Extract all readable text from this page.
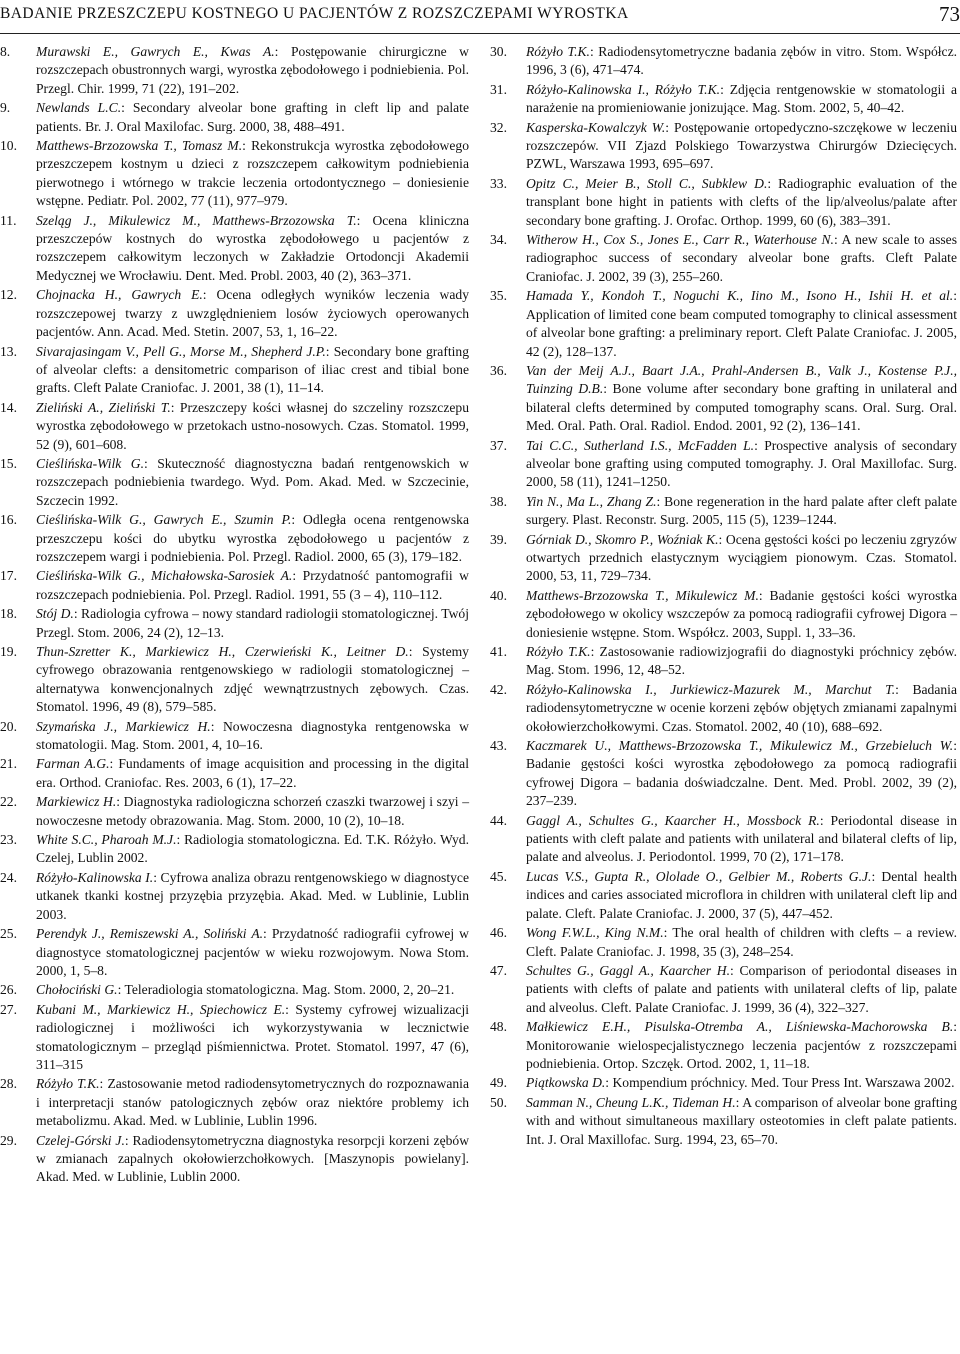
BADANIE PRZESZCZEPU KOSTNEGO U PACJENTÓW Z ROZSZCZEPAMI WYROSTKA	73
8. Murawski E., Gawrych E., Kwas A.: Postępowanie chirurgiczne w rozszczepach obustronnych wargi, wyrostka zębodołowego i podniebienia. Pol. Przegl. Chir. 1999, 71 (22), 191–202.
9. Newlands L.C.: Secondary alveolar bone grafting in cleft lip and palate patients. Br. J. Oral Maxilofac. Surg. 2000, 38, 488–491.
10. Matthews-Brzozowska T., Tomasz M.: Rekonstrukcja wyrostka zębodołowego przeszczepem kostnym u dzieci z rozszczepem całkowitym podniebienia pierwotnego i wtórnego w trakcie leczenia ortodontycznego – doniesienie wstępne. Pediatr. Pol. 2002, 77 (11), 977–979.
11. Szeląg J., Mikulewicz M., Matthews-Brzozowska T.: Ocena kliniczna przeszczepów kostnych do wyrostka zębodołowego u pacjentów z rozszczepem całkowitym leczonych w Zakładzie Ortodoncji Akademii Medycznej we Wrocławiu. Dent. Med. Probl. 2003, 40 (2), 363–371.
12. Chojnacka H., Gawrych E.: Ocena odległych wyników leczenia wady rozszczepowej twarzy z uwzględnieniem losów życiowych operowanych pacjentów. Ann. Acad. Med. Stetin. 2007, 53, 1, 16–22.
13. Sivarajasingam V., Pell G., Morse M., Shepherd J.P.: Secondary bone grafting of alveolar clefts: a densitometric comparison of iliac crest and tibial bone grafts. Cleft Palate Craniofac. J. 2001, 38 (1), 11–14.
14. Zieliński A., Zieliński T.: Przeszczepy kości własnej do szczeliny rozszczepu wyrostka zębodołowego w przetokach ustno-nosowych. Czas. Stomatol. 1999, 52 (9), 601–608.
15. Cieślińska-Wilk G.: Skuteczność diagnostyczna badań rentgenowskich w rozszczepach podniebienia twardego. Wyd. Pom. Akad. Med. w Szczecinie, Szczecin 1992.
16. Cieślińska-Wilk G., Gawrych E., Szumin P.: Odległa ocena rentgenowska przeszczepu kości do ubytku wyrostka zębodołowego u pacjentów z rozszczepem wargi i podniebienia. Pol. Przegl. Radiol. 2000, 65 (3), 179–182.
17. Cieślińska-Wilk G., Michałowska-Sarosiek A.: Przydatność pantomografii w rozszczepach podniebienia. Pol. Przegl. Radiol. 1991, 55 (3 – 4), 110–112.
18. Stój D.: Radiologia cyfrowa – nowy standard radiologii stomatologicznej. Twój Przegl. Stom. 2006, 24 (2), 12–13.
19. Thun-Szretter K., Markiewicz H., Czerwieński K., Leitner D.: Systemy cyfrowego obrazowania rentgenowskiego w radiologii stomatologicznej – alternatywa konwencjonalnych zdjęć wewnątrzustnych zębowych. Czas. Stomatol. 1996, 49 (8), 579–585.
20. Szymańska J., Markiewicz H.: Nowoczesna diagnostyka rentgenowska w stomatologii. Mag. Stom. 2001, 4, 10–16.
21. Farman A.G.: Fundaments of image acquisition and processing in the digital era. Orthod. Craniofac. Res. 2003, 6 (1), 17–22.
22. Markiewicz H.: Diagnostyka radiologiczna schorzeń czaszki twarzowej i szyi – nowoczesne metody obrazowania. Mag. Stom. 2000, 10 (2), 10–18.
23. White S.C., Pharoah M.J.: Radiologia stomatologiczna. Ed. T.K. Różyło. Wyd. Czelej, Lublin 2002.
24. Różyło-Kalinowska I.: Cyfrowa analiza obrazu rentgenowskiego w diagnostyce utkanek tkanki kostnej przyzębia przyzębia. Akad. Med. w Lublinie, Lublin 2003.
25. Perendyk J., Remiszewski A., Soliński A.: Przydatność radiografii cyfrowej w diagnostyce stomatologicznej pacjentów w wieku rozwojowym. Nowa Stom. 2000, 1, 5–8.
26. Chołociński G.: Teleradiologia stomatologiczna. Mag. Stom. 2000, 2, 20–21.
27. Kubani M., Markiewicz H., Spiechowicz E.: Systemy cyfrowej wizualizacji radiologicznej i możliwości ich wykorzystywania w lecznictwie stomatologicznym – przegląd piśmiennictwa. Protet. Stomatol. 1997, 47 (6), 311–315
28. Różyło T.K.: Zastosowanie metod radiodensytometrycznych do rozpoznawania i interpretacji stanów patologicznych zębów oraz niektóre problemy ich metabolizmu. Akad. Med. w Lublinie, Lublin 1996.
29. Czelej-Górski J.: Radiodensytometryczna diagnostyka resorpcji korzeni zębów w zmianach zapalnych okołowierzchołkowych. [Maszynopis powielany]. Akad. Med. w Lublinie, Lublin 2000.
30. Różyło T.K.: Radiodensytometryczne badania zębów in vitro. Stom. Współcz. 1996, 3 (6), 471–474.
31. Różyło-Kalinowska I., Różyło T.K.: Zdjęcia rentgenowskie w stomatologii a narażenie na promieniowanie jonizujące. Mag. Stom. 2002, 5, 40–42.
32. Kasperska-Kowalczyk W.: Postępowanie ortopedyczno-szczękowe w leczeniu rozszczepów. VII Zjazd Polskiego Towarzystwa Chirurgów Dziecięcych. PZWL, Warszawa 1993, 695–697.
33. Opitz C., Meier B., Stoll C., Subklew D.: Radiographic evaluation of the transplant bone hight in patients with clefts of the lip/alveolus/palate after secondary bone grafting. J. Orofac. Orthop. 1999, 60 (6), 383–391.
34. Witherow H., Cox S., Jones E., Carr R., Waterhouse N.: A new scale to asses radiographoc success of secondary alveolar bone grafts. Cleft Palate Craniofac. J. 2002, 39 (3), 255–260.
35. Hamada Y., Kondoh T., Noguchi K., Iino M., Isono H., Ishii H. et al.: Application of limited cone beam computed tomography to clinical assessment of alveolar bone grafting: a preliminary report. Cleft Palate Craniofac. J. 2005, 42 (2), 128–137.
36. Van der Meij A.J., Baart J.A., Prahl-Andersen B., Valk J., Kostense P.J., Tuinzing D.B.: Bone volume after secondary bone grafting in unilateral and bilateral clefts determined by computed tomography scans. Oral. Surg. Oral. Med. Oral. Path. Oral. Radiol. Endod. 2001, 92 (2), 136–141.
37. Tai C.C., Sutherland I.S., McFadden L.: Prospective analysis of secondary alveolar bone grafting using computed tomography. J. Oral Maxillofac. Surg. 2000, 58 (11), 1241–1250.
38. Yin N., Ma L., Zhang Z.: Bone regeneration in the hard palate after cleft palate surgery. Plast. Reconstr. Surg. 2005, 115 (5), 1239–1244.
39. Górniak D., Skomro P., Woźniak K.: Ocena gęstości kości po leczeniu zgryzów otwartych przednich elastycznym wyciągiem pionowym. Czas. Stomatol. 2000, 53, 11, 729–734.
40. Matthews-Brzozowska T., Mikulewicz M.: Badanie gęstości kości wyrostka zębodołowego w okolicy wszczepów za pomocą radiografii cyfrowej Digora – doniesienie wstępne. Stom. Współcz. 2003, Suppl. 1, 33–36.
41. Różyło T.K.: Zastosowanie radiowizjografii do diagnostyki próchnicy zębów. Mag. Stom. 1996, 12, 48–52.
42. Różyło-Kalinowska I., Jurkiewicz-Mazurek M., Marchut T.: Badania radiodensytometryczne w ocenie korzeni zębów objętych zmianami zapalnymi okołowierzchołkowymi. Czas. Stomatol. 2002, 40 (10), 688–692.
43. Kaczmarek U., Matthews-Brzozowska T., Mikulewicz M., Grzebieluch W.: Badanie gęstości kości wyrostka zębodołowego za pomocą radiografii cyfrowej Digora – badania doświadczalne. Dent. Med. Probl. 2002, 39 (2), 237–239.
44. Gaggl A., Schultes G., Kaarcher H., Mossbock R.: Periodontal disease in patients with cleft palate and patients with unilateral and bilateral clefts of lip, palate and alveolus. J. Periodontol. 1999, 70 (2), 171–178.
45. Lucas V.S., Gupta R., Ololade O., Gelbier M., Roberts G.J.: Dental health indices and caries associated microflora in children with unilateral cleft lip and palate. Cleft. Palate Craniofac. J. 2000, 37 (5), 447–452.
46. Wong F.W.L., King N.M.: The oral health of children with clefts – a review. Cleft. Palate Craniofac. J. 1998, 35 (3), 248–254.
47. Schultes G., Gaggl A., Kaarcher H.: Comparison of periodontal diseases in patients with clefts of palate and patients with unilateral clefts of lip, palate and alveolus. Cleft. Palate Craniofac. J. 1999, 36 (4), 322–327.
48. Małkiewicz E.H., Pisulska-Otremba A., Liśniewska-Machorowska B.: Monitorowanie wielospecjalistycznego leczenia pacjentów z rozszczepami podniebienia. Ortop. Szczęk. Ortod. 2002, 1, 11–18.
49. Piątkowska D.: Kompendium próchnicy. Med. Tour Press Int. Warszawa 2002.
50. Samman N., Cheung L.K., Tideman H.: A comparison of alveolar bone grafting with and without simultaneous maxillary osteotomies in cleft palate patients. Int. J. Oral Maxillofac. Surg. 1994, 23, 65–70.
